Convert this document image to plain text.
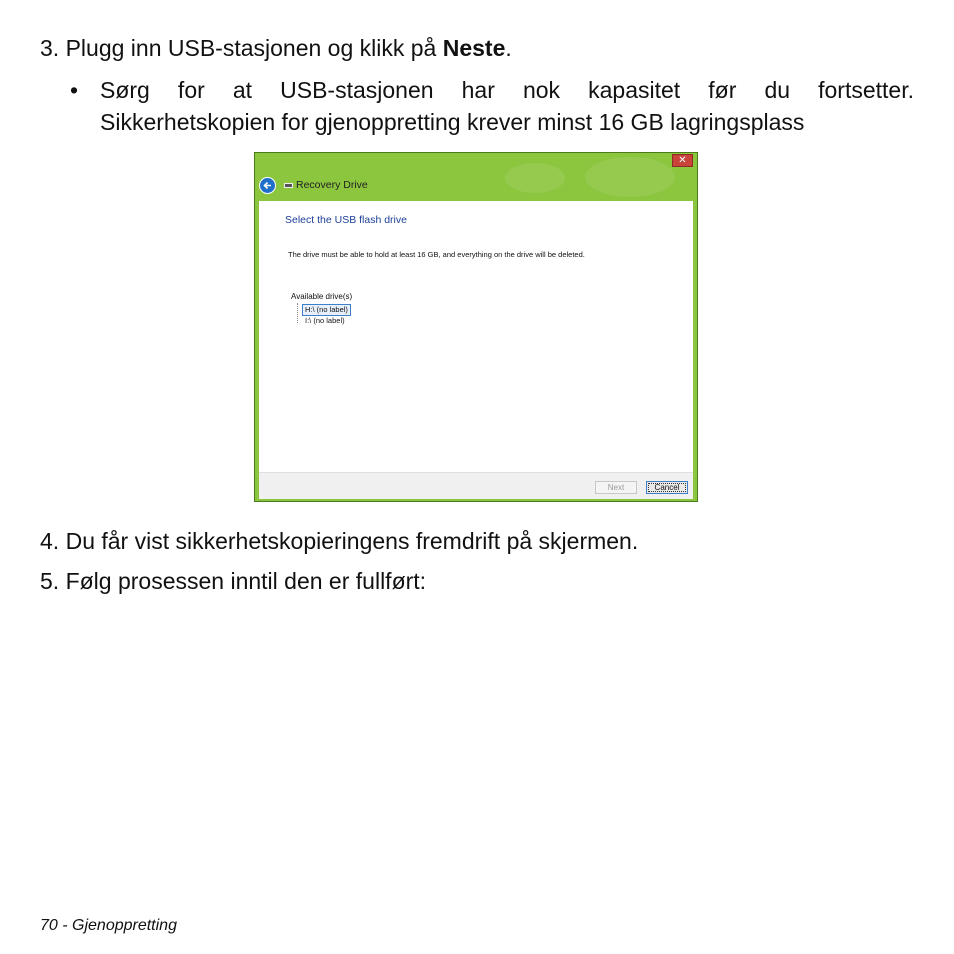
3. Plugg inn USB-stasjonen og klikk på Neste.
• Sørg for at USB-stasjonen har nok kapasitet før du fortsetter.
Sikkerhetskopien for gjenoppretting krever minst 16 GB lagringsplass
✕
Recovery Drive
Select the USB flash drive
The drive must be able to hold at least 16 GB, and everything on the drive will be deleted.
Available drive(s)
H:\ (no label)
I:\ (no label)
Next	Cancel
4. Du får vist sikkerhetskopieringens fremdrift på skjermen.
5. Følg prosessen inntil den er fullført:
70 - Gjenoppretting
